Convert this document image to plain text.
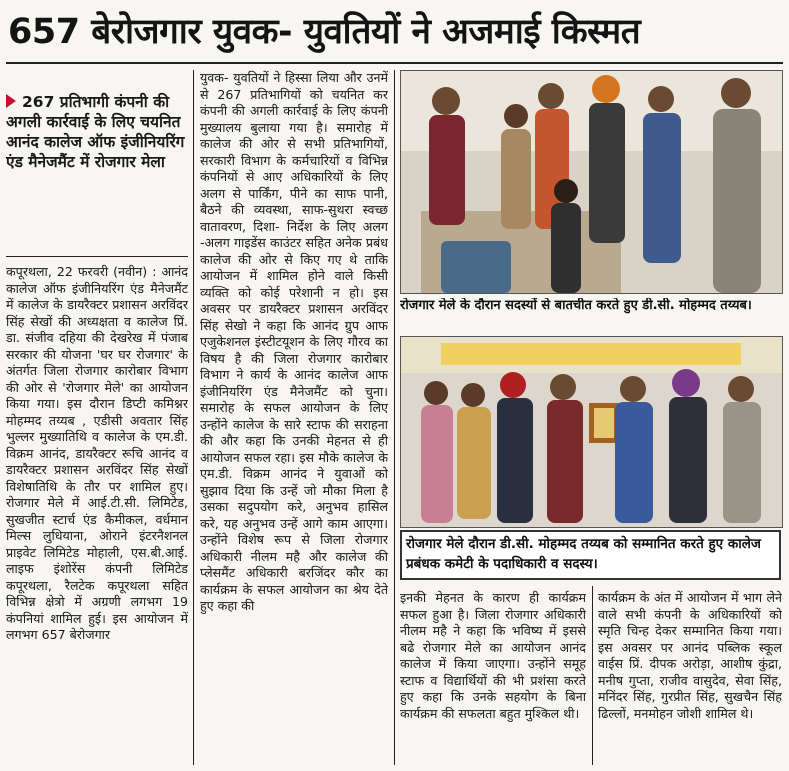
657 बेरोजगार युवक- युवतियों ने अजमाई किस्मत
267 प्रतिभागी कंपनी की अगली कार्रवाई के लिए चयनित आनंद कालेज ऑफ इंजीनियरिंग एंड मैनेजमैंट में रोजगार मेला

कपूरथला, 22 फरवरी (नवीन) : आनंद कालेज ऑफ इंजीनियरिंग एंड मैनेजमैंट में कालेज के डायरैक्टर प्रशासन अरविंदर सिंह सेखों की अध्यक्षता व कालेज प्रिं. डा. संजीव दहिया की देखरेख में पंजाब सरकार की योजना 'घर घर रोजगार' के अंतर्गत जिला रोजगार कारोबार विभाग की ओर से 'रोजगार मेले' का आयोजन किया गया। इस दौरान डिप्टी कमिश्नर मोहम्मद तय्यब , एडीसी अवतार सिंह भुल्लर मुख्यातिथि व कालेज के एम.डी. विक्रम आनंद, डायरैक्टर रूचि आनंद व डायरैक्टर प्रशासन अरविंदर सिंह सेखों विशेषातिथि के तौर पर शामिल हुए। रोजगार मेले में आई.टी.सी. लिमिटेड, सुखजीत स्टार्च एंड कैमीकल, वर्धमान मिल्स लुधियाना, ओराने इंटरनैशनल प्राइवेट लिमिटेड मोहाली, एस.बी.आई. लाइफ इंशोरेंस कंपनी लिमिटेड कपूरथला, रैलटेक कपूरथला सहित विभिन्न क्षेत्रो में अग्रणी लगभग 19 कंपनियां शामिल हुई। इस आयोजन में लगभग 657 बेरोजगार

युवक- युवतियों ने हिस्सा लिया और उनमें से 267 प्रतिभागियों को चयनित कर कंपनी की अगली कार्रवाई के लिए कंपनी मुख्यालय बुलाया गया है। समारोह में कालेज की ओर से सभी प्रतिभागियों, सरकारी विभाग के कर्मचारियों व विभिन्न कंपनियों से आए अधिकारियों के लिए अलग से पार्किंग, पीने का साफ पानी, बैठने की व्यवस्था, साफ-सुथरा स्वच्छ वातावरण, दिशा- निर्देश के लिए अलग -अलग गाइडेंस काउंटर सहित अनेक प्रबंध कालेज की ओर से किए गए थे ताकि आयोजन में शामिल होने वाले किसी व्यक्ति को कोई परेशानी न हो। इस अवसर पर डायरैक्टर प्रशासन अरविंदर सिंह सेखो ने कहा कि आनंद ग्रुप आफ एजुकेशनल इंस्टीटयूशन के लिए गौरव का विषय है की जिला रोजगार कारोबार विभाग ने कार्य के आनंद कालेज आफ इंजीनियरिंग एंड मैनेजमैंट को चुना। समारोह के सफल आयोजन के लिए उन्होंने कालेज के सारे स्टाफ की सराहना की और कहा कि उनकी मेहनत से ही आयोजन सफल रहा। इस मौके कालेज के एम.डी. विक्रम आनंद ने युवाओं को सुझाव दिया कि उन्हें जो मौका मिला है उसका सदुपयोग करे, अनुभव हासिल करे, यह अनुभव उन्हें आगे काम आएगा। उन्होंने विशेष रूप से जिला रोजगार अधिकारी नीलम महै और कालेज की प्लेसमैंट अधिकारी बरजिंदर कौर का कार्यक्रम के सफल आयोजन का श्रेय देते हुए कहा की

इनकी मेहनत के कारण ही कार्यक्रम सफल हुआ है। जिला रोजगार अधिकारी नीलम महै ने कहा कि भविष्य में इससे बढे रोजगार मेले का आयोजन आनंद कालेज में किया जाएगा। उन्होंने समूह स्टाफ व विद्यार्थियों की भी प्रशंसा करते हुए कहा कि उनके सहयोग के बिना कार्यक्रम की सफलता बहुत मुश्किल थी।

कार्यक्रम के अंत में आयोजन में भाग लेने वाले सभी कंपनी के अधिकारियों को स्मृति चिन्ह देकर सम्मानित किया गया। इस अवसर पर आनंद पब्लिक स्कूल वाईस प्रिं. दीपक अरोड़ा, आशीष कुंद्रा, मनीष गुप्ता, राजीव वासुदेव, सेवा सिंह, मनिंदर सिंह, गुरप्रीत सिंह, सुखचैन सिंह ढिल्लों, मनमोहन जोशी शामिल थे।

रोजगार मेले के दौरान सदस्यों से बातचीत करते हुए डी.सी. मोहम्मद तय्यब।
रोजगार मेले दौरान डी.सी. मोहम्मद तय्यब को सम्मानित करते हुए कालेज प्रबंधक कमेटी के पदाधिकारी व सदस्य।
